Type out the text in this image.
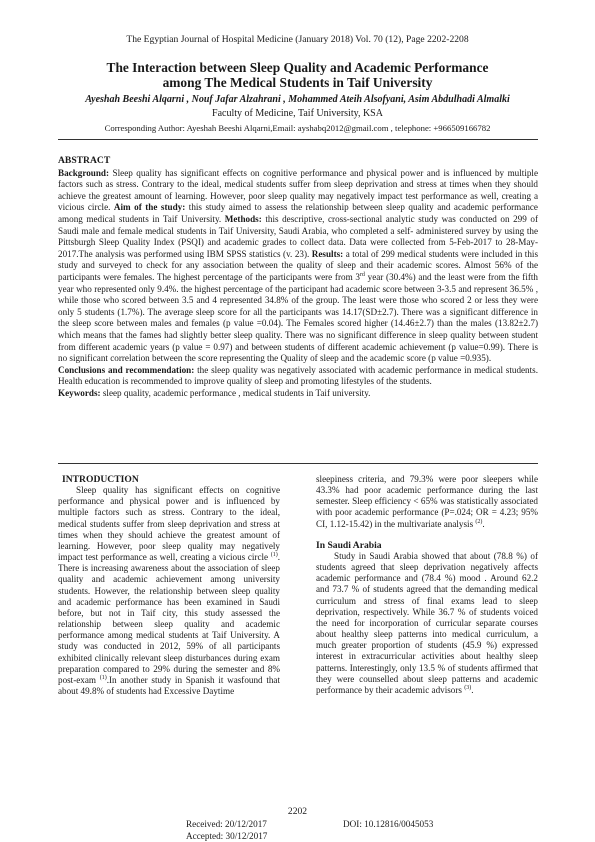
The Egyptian Journal of Hospital Medicine (January 2018) Vol. 70 (12), Page 2202-2208
The Interaction between Sleep Quality and Academic Performance
among The Medical Students in Taif University
Ayeshah Beeshi Alqarni , Nouf Jafar Alzahrani , Mohammed Ateih Alsofyani, Asim Abdulhadi Almalki
Faculty of Medicine, Taif University, KSA
Corresponding Author: Ayeshah Beeshi Alqarni,Email: ayshabq2012@gmail.com , telephone: +966509166782
ABSTRACT

Background: Sleep quality has significant effects on cognitive performance and physical power and is influenced by multiple factors such as stress. Contrary to the ideal, medical students suffer from sleep deprivation and stress at times when they should achieve the greatest amount of learning. However, poor sleep quality may negatively impact test performance as well, creating a vicious circle. Aim of the study: this study aimed to assess the relationship between sleep quality and academic performance among medical students in Taif University. Methods: this descriptive, cross-sectional analytic study was conducted on 299 of Saudi male and female medical students in Taif University, Saudi Arabia, who completed a self- administered survey by using the Pittsburgh Sleep Quality Index (PSQI) and academic grades to collect data. Data were collected from 5-Feb-2017 to 28-May-2017.The analysis was performed using IBM SPSS statistics (v. 23). Results: a total of 299 medical students were included in this study and surveyed to check for any association between the quality of sleep and their academic scores. Almost 56% of the participants were females. The highest percentage of the participants were from 3rd year (30.4%) and the least were from the fifth year who represented only 9.4%. the highest percentage of the participant had academic score between 3-3.5 and represent 36.5% , while those who scored between 3.5 and 4 represented 34.8% of the group. The least were those who scored 2 or less they were only 5 students (1.7%). The average sleep score for all the participants was 14.17(SD±2.7). There was a significant difference in the sleep score between males and females (p value =0.04). The Females scored higher (14.46±2.7) than the males (13.82±2.7) which means that the fames had slightly better sleep quality. There was no significant difference in sleep quality between student from different academic years (p value = 0.97) and between students of different academic achievement (p value=0.99). There is no significant correlation between the score representing the Quality of sleep and the academic score (p value =0.935).

Conclusions and recommendation: the sleep quality was negatively associated with academic performance in medical students. Health education is recommended to improve quality of sleep and promoting lifestyles of the students.

Keywords: sleep quality, academic performance , medical students in Taif university.

INTRODUCTION

Sleep quality has significant effects on cognitive performance and physical power and is influenced by multiple factors such as stress. Contrary to the ideal, medical students suffer from sleep deprivation and stress at times when they should achieve the greatest amount of learning. However, poor sleep quality may negatively impact test performance as well, creating a vicious circle $^{(1)}$. There is increasing awareness about the association of sleep quality and academic achievement among university students. However, the relationship between sleep quality and academic performance has been examined in Saudi before, but not in Taif city, this study assessed the relationship between sleep quality and academic performance among medical students at Taif University. A study was conducted in 2012, 59% of all participants exhibited clinically relevant sleep disturbances during exam preparation compared to 29% during the semester and 8% post-exam $^{(1)}$.In another study in Spanish it wasfound that about 49.8% of students had Excessive Daytime

sleepiness criteria, and 79.3% were poor sleepers while 43.3% had poor academic performance during the last semester. Sleep efficiency < 65% was statistically associated with poor academic performance (P=.024; OR = 4.23; 95% CI, 1.12-15.42) in the multivariate analysis $^{(2)}$.

In Saudi Arabia

Study in Saudi Arabia showed that about (78.8 %) of students agreed that sleep deprivation negatively affects academic performance and (78.4 %) mood . Around 62.2 and 73.7 % of students agreed that the demanding medical curriculum and stress of final exams lead to sleep deprivation, respectively. While 36.7 % of students voiced the need for incorporation of curricular separate courses about healthy sleep patterns into medical curriculum, a much greater proportion of students (45.9 %) expressed interest in extracurricular activities about healthy sleep patterns. Interestingly, only 13.5 % of students affirmed that they were counselled about sleep patterns and academic performance by their academic advisors $^{(3)}$.

2202
Received: 20/12/2017	DOI: 10.12816/0045053
Accepted: 30/12/2017
